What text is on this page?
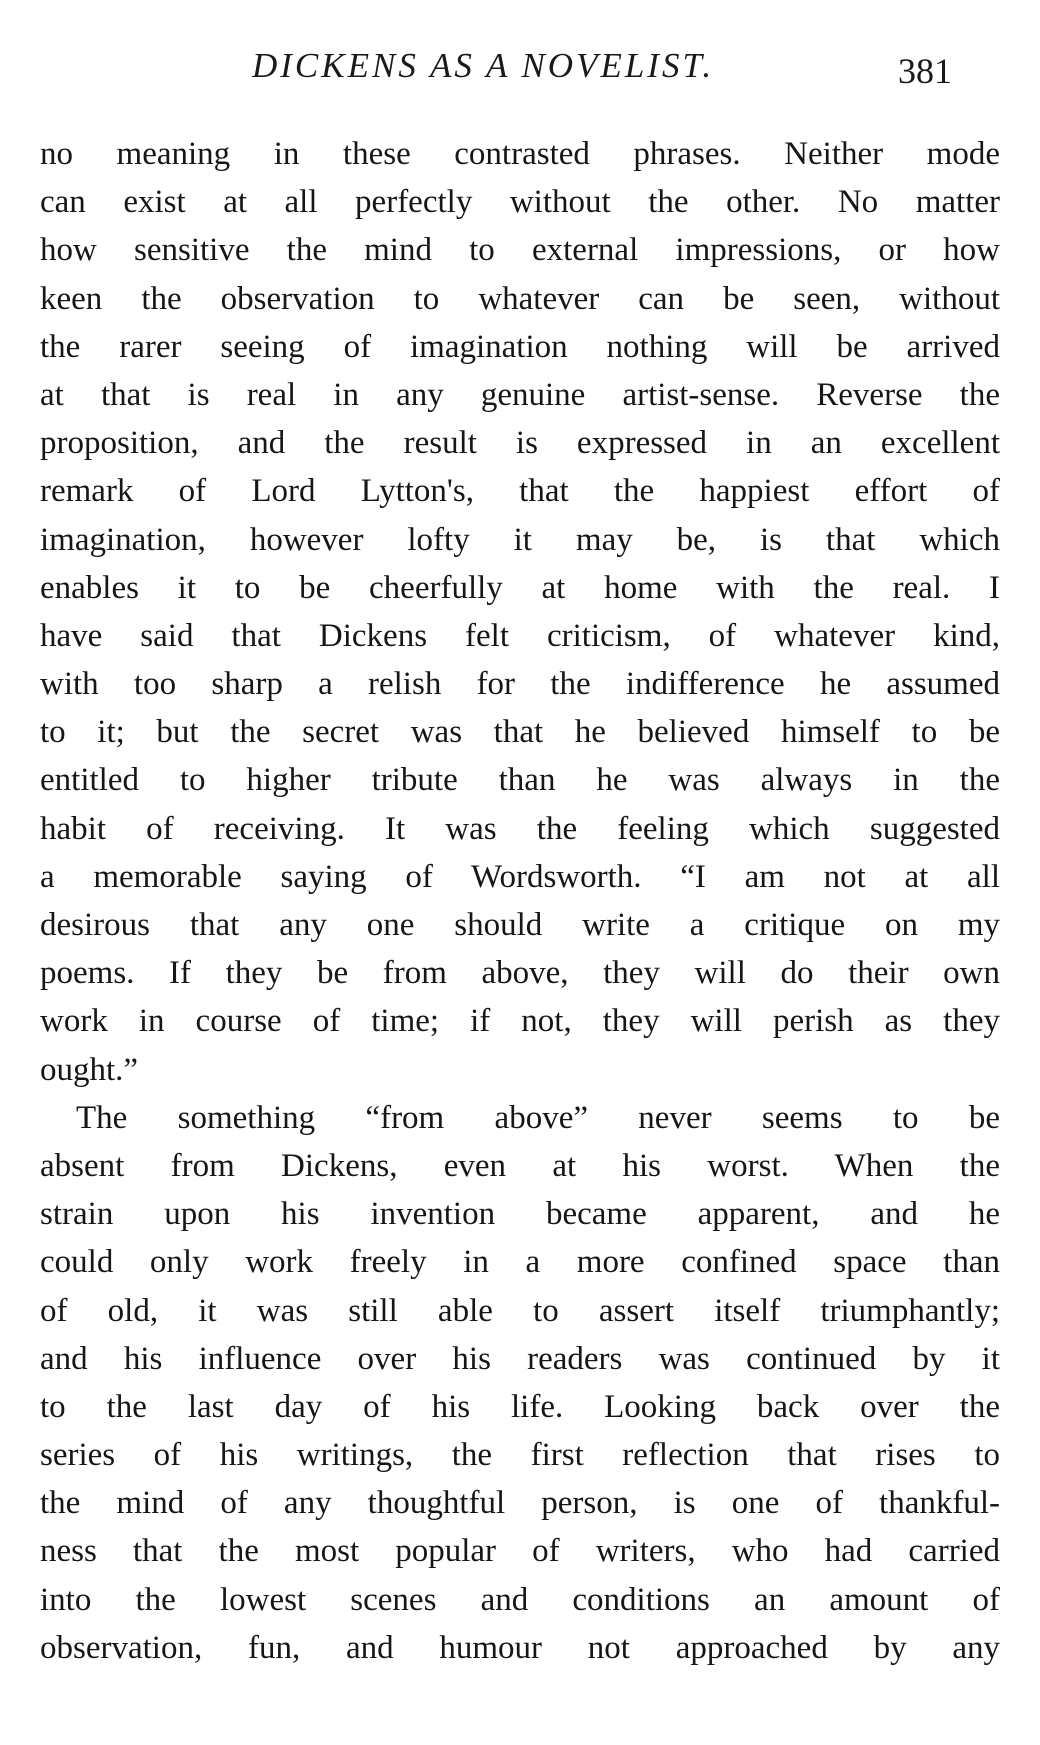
DICKENS AS A NOVELIST.	381
no meaning in these contrasted phrases. Neither mode
can exist at all perfectly without the other. No matter
how sensitive the mind to external impressions, or how
keen the observation to whatever can be seen, without
the rarer seeing of imagination nothing will be arrived
at that is real in any genuine artist-sense. Reverse the
proposition, and the result is expressed in an excellent
remark of Lord Lytton's, that the happiest effort of
imagination, however lofty it may be, is that which
enables it to be cheerfully at home with the real. I
have said that Dickens felt criticism, of whatever kind,
with too sharp a relish for the indifference he assumed
to it; but the secret was that he believed himself to be
entitled to higher tribute than he was always in the
habit of receiving. It was the feeling which suggested
a memorable saying of Wordsworth. “I am not at all
desirous that any one should write a critique on my
poems. If they be from above, they will do their own
work in course of time; if not, they will perish as they
ought.”
The something “from above” never seems to be
absent from Dickens, even at his worst. When the
strain upon his invention became apparent, and he
could only work freely in a more confined space than
of old, it was still able to assert itself triumphantly;
and his influence over his readers was continued by it
to the last day of his life. Looking back over the
series of his writings, the first reflection that rises to
the mind of any thoughtful person, is one of thankful-
ness that the most popular of writers, who had carried
into the lowest scenes and conditions an amount of
observation, fun, and humour not approached by any
